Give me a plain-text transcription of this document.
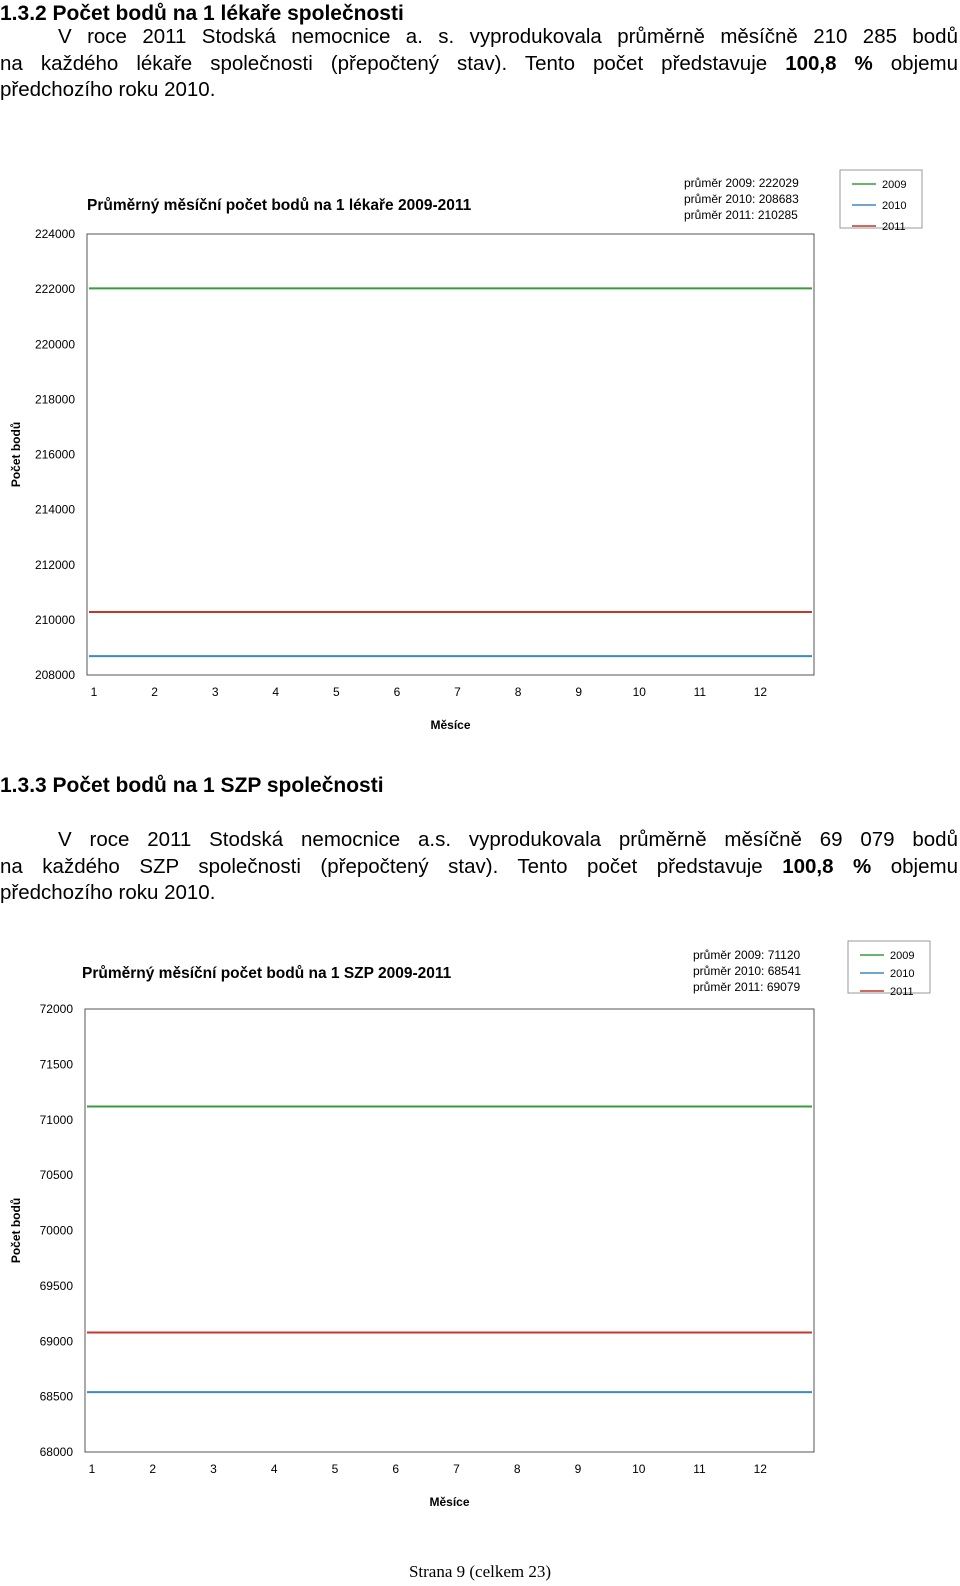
1.3.2 Počet bodů na 1 lékaře společnosti
V roce 2011 Stodská nemocnice a. s. vyprodukovala průměrně měsíčně 210 285 bodů
na každého lékaře společnosti (přepočtený stav). Tento počet představuje 100,8 % objemu
předchozího roku 2010.
224000
222000
220000
218000
216000
214000
212000
210000
208000
1	2	3	4	5	6	7	8	9	10	11	12
Měsíce
Počet bodů
Průměrný měsíční počet bodů na 1 lékaře 2009-2011
průměr 2009: 222029
průměr 2010: 208683
průměr 2011: 210285
2009
2010
2011
1.3.3 Počet bodů na 1 SZP společnosti
V roce 2011 Stodská nemocnice a.s. vyprodukovala průměrně měsíčně 69 079 bodů
na každého SZP společnosti (přepočtený stav). Tento počet představuje 100,8 % objemu
předchozího roku 2010.
72000
71500
71000
70500
70000
69500
69000
68500
68000
1	2	3	4	5	6	7	8	9	10	11	12
Měsíce
Počet bodů
Průměrný měsíční počet bodů na 1 SZP 2009-2011
průměr 2009: 71120
průměr 2010: 68541
průměr 2011: 69079
2009
2010
2011
Strana 9 (celkem 23)
